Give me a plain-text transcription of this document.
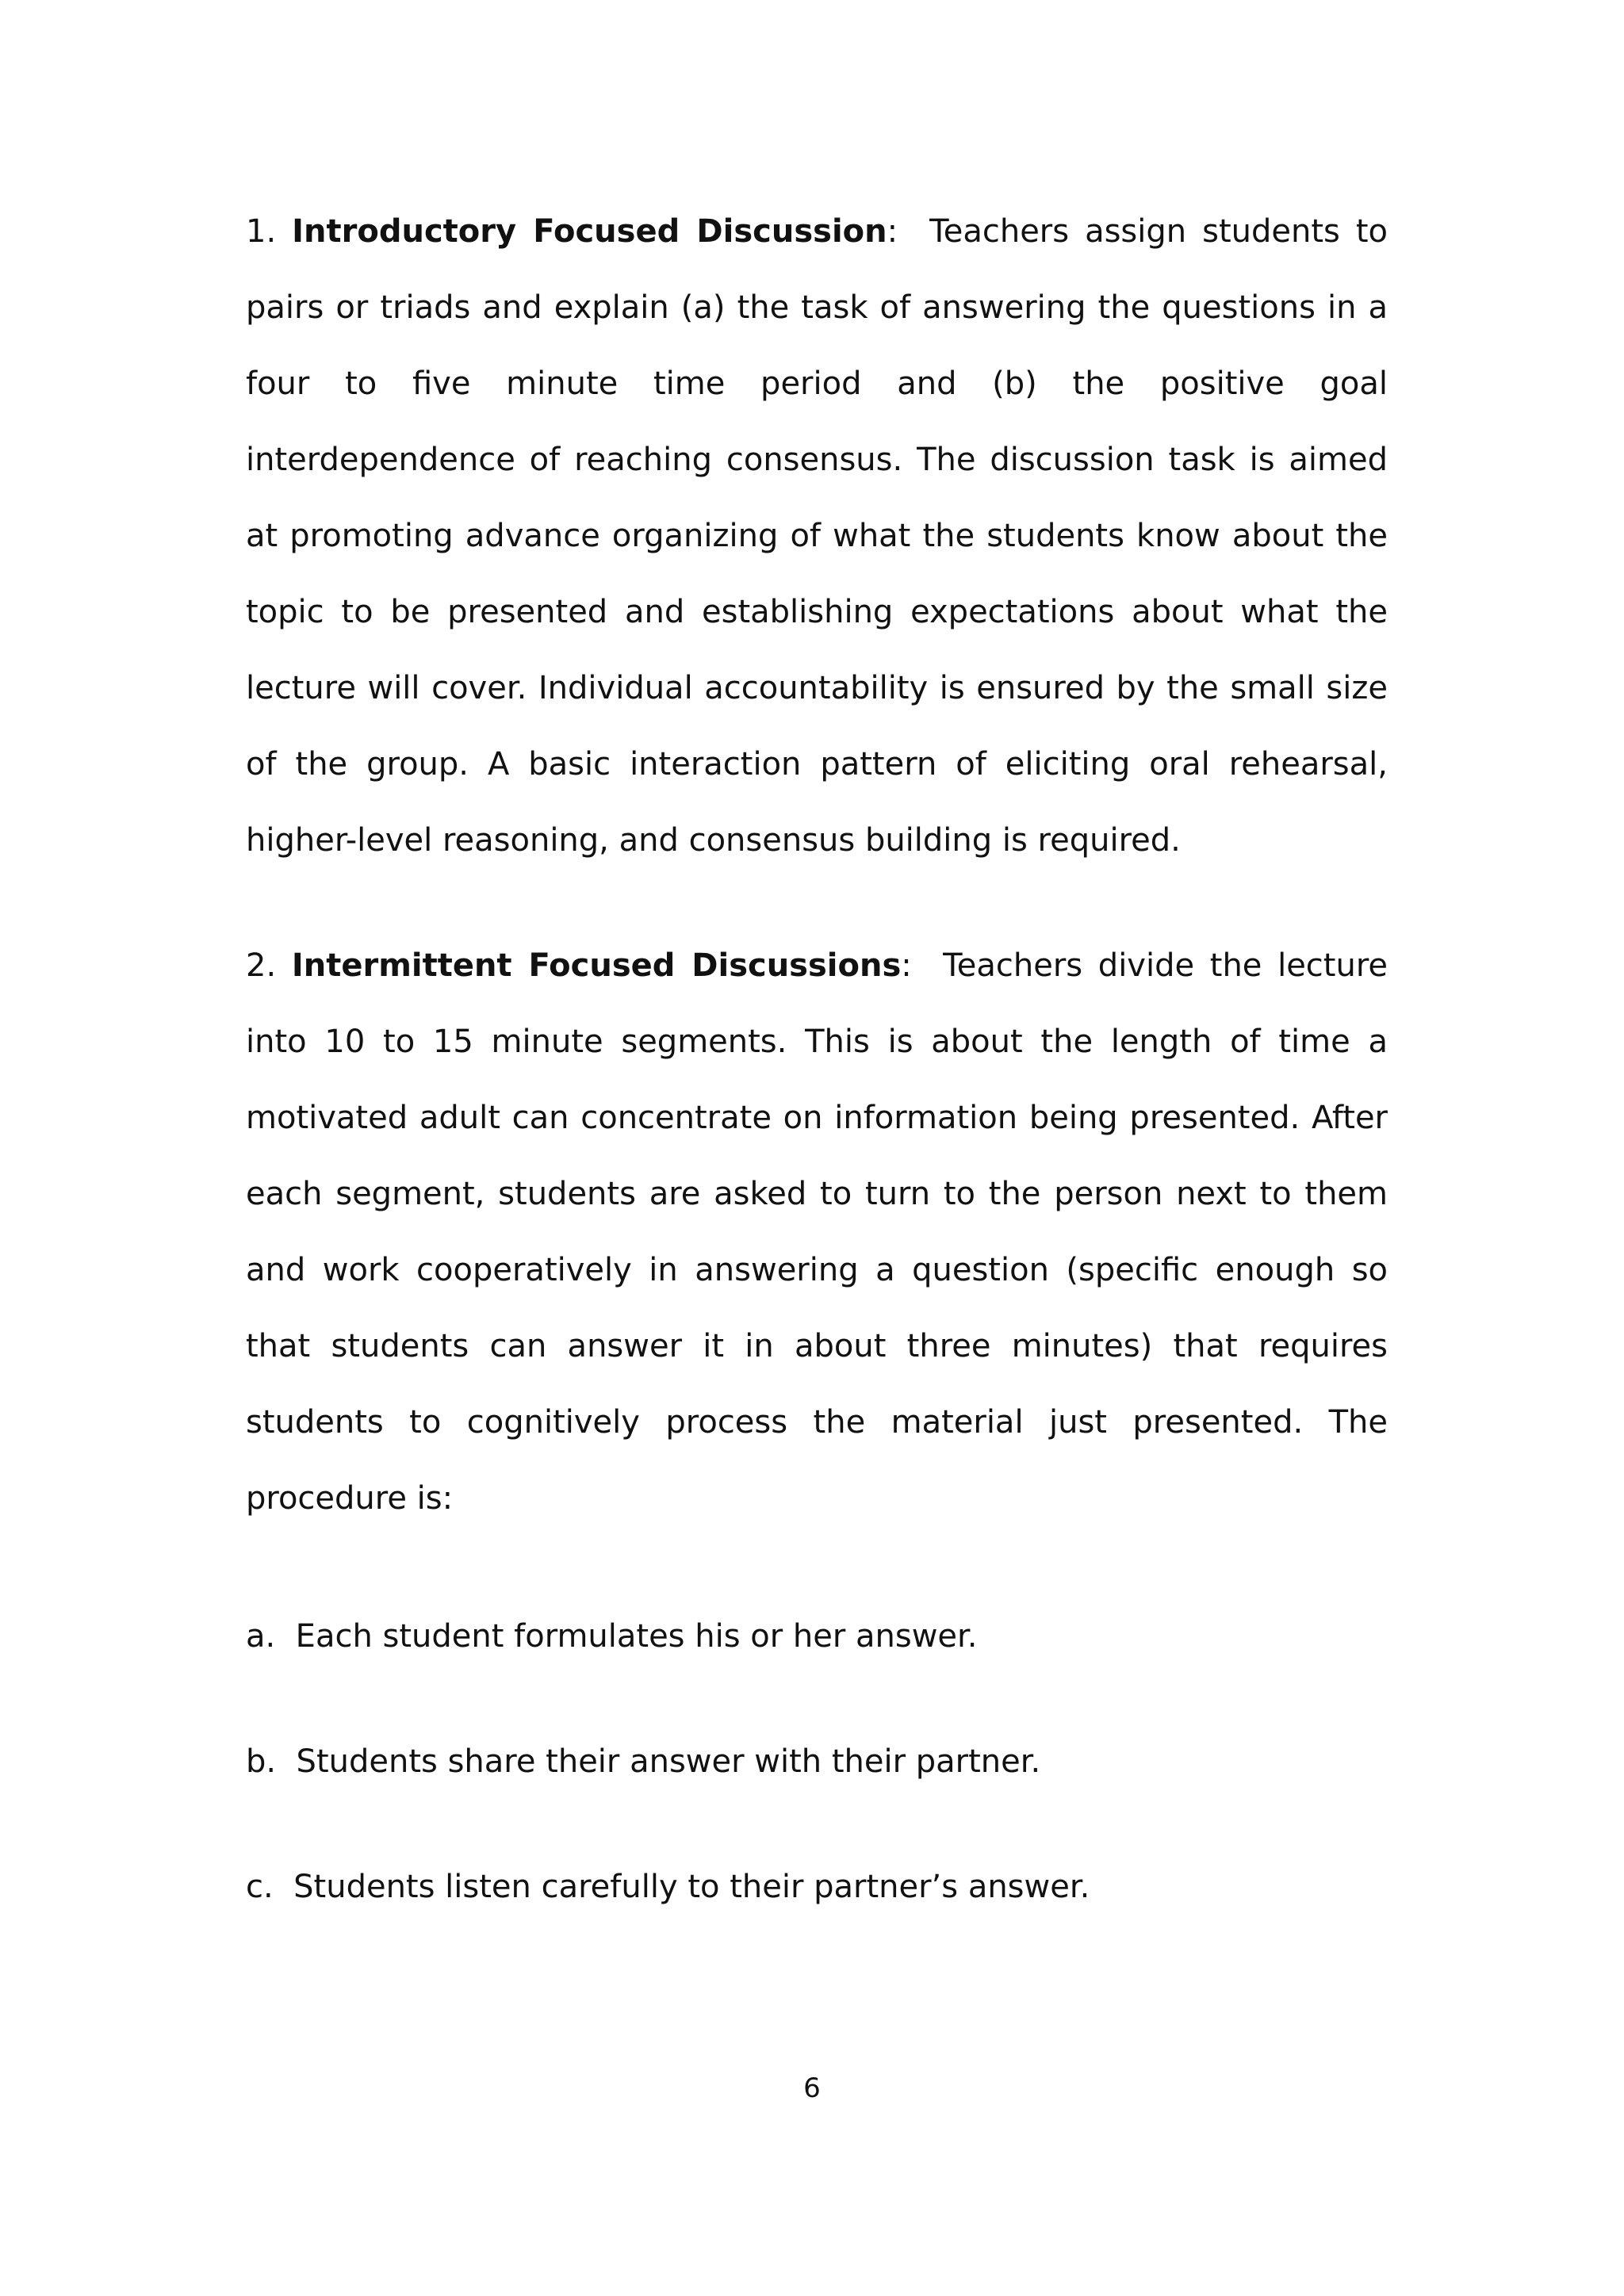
1. Introductory Focused Discussion:  Teachers assign students to pairs or triads and explain (a) the task of answering the questions in a four to five minute time period and (b) the positive goal interdependence of reaching consensus. The discussion task is aimed at promoting advance organizing of what the students know about the topic to be presented and establishing expectations about what the lecture will cover. Individual accountability is ensured by the small size of the group. A basic interaction pattern of eliciting oral rehearsal, higher-level reasoning, and consensus building is required.

2. Intermittent Focused Discussions:  Teachers divide the lecture into 10 to 15 minute segments. This is about the length of time a motivated adult can concentrate on information being presented. After each segment, students are asked to turn to the person next to them and work cooperatively in answering a question (specific enough so that students can answer it in about three minutes) that requires students to cognitively process the material just presented. The procedure is:

a. Each student formulates his or her answer.

b. Students share their answer with their partner.

c. Students listen carefully to their partner’s answer.

6
